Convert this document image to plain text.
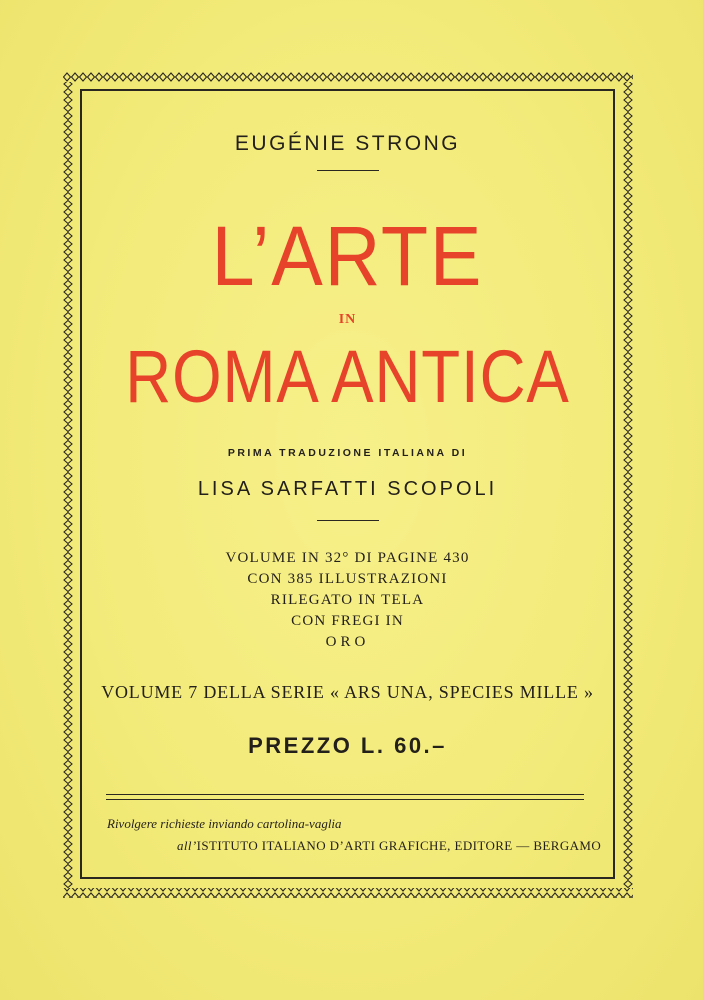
EUGÉNIE STRONG
L’ARTE
IN
ROMA ANTICA
PRIMA TRADUZIONE ITALIANA DI
LISA SARFATTI SCOPOLI
VOLUME IN 32° DI PAGINE 430
CON 385 ILLUSTRAZIONI
RILEGATO IN TELA
CON FREGI IN
ORO
VOLUME 7 DELLA SERIE « ARS UNA, SPECIES MILLE »
PREZZO L. 60.–
Rivolgere richieste inviando cartolina-vaglia
all’ISTITUTO ITALIANO D’ARTI GRAFICHE, EDITORE — BERGAMO
